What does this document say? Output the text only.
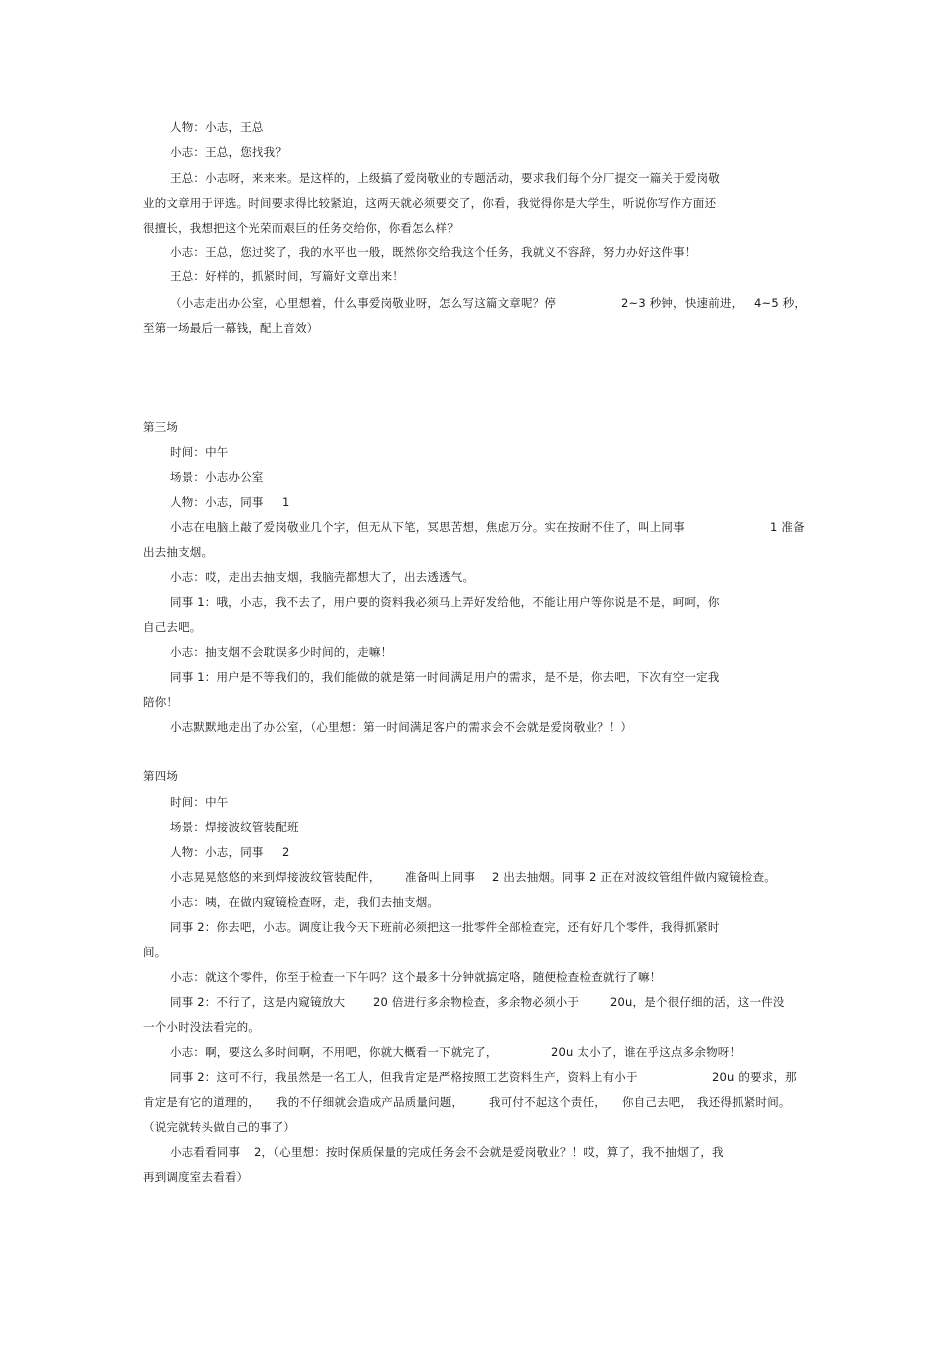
人物：小志，王总
小志：王总，您找我？
王总：小志呀，来来来。是这样的，上级搞了爱岗敬业的专题活动，要求我们每个分厂提交一篇关于爱岗敬
业的文章用于评选。时间要求得比较紧迫，这两天就必须要交了，你看，我觉得你是大学生，听说你写作方面还
很擅长，我想把这个光荣而艰巨的任务交给你，你看怎么样？
小志：王总，您过奖了，我的水平也一般，既然你交给我这个任务，我就义不容辞，努力办好这件事！
王总：好样的，抓紧时间，写篇好文章出来！
（小志走出办公室，心里想着，什么事爱岗敬业呀，怎么写这篇文章呢？停	2~3 秒钟，快速前进， 4~5 秒，
至第一场最后一幕钱，配上音效）
第三场
时间：中午
场景：小志办公室
人物：小志，同事 1
小志在电脑上敲了爱岗敬业几个字，但无从下笔，冥思苦想，焦虑万分。实在按耐不住了，叫上同事	1 准备
出去抽支烟。
小志：哎，走出去抽支烟，我脑壳都想大了，出去透透气。
同事 1：哦，小志，我不去了，用户要的资料我必须马上弄好发给他，不能让用户等你说是不是，呵呵，你
自己去吧。
小志：抽支烟不会耽误多少时间的，走嘛！
同事 1：用户是不等我们的，我们能做的就是第一时间满足用户的需求，是不是，你去吧，下次有空一定我
陪你！
小志默默地走出了办公室，（心里想：第一时间满足客户的需求会不会就是爱岗敬业？！）
第四场
时间：中午
场景：焊接波纹管装配班
人物：小志，同事 2
小志晃晃悠悠的来到焊接波纹管装配件， 准备叫上同事 2 出去抽烟。同事 2 正在对波纹管组件做内窥镜检查。
小志：咦，在做内窥镜检查呀，走，我们去抽支烟。
同事 2：你去吧，小志。调度让我今天下班前必须把这一批零件全部检查完，还有好几个零件，我得抓紧时
间。
小志：就这个零件，你至于检查一下午吗？这个最多十分钟就搞定咯，随便检查检查就行了嘛！
同事 2：不行了，这是内窥镜放大 20 倍进行多余物检查，多余物必须小于	20u，是个很仔细的活，这一件没
一个小时没法看完的。
小志：啊，要这么多时间啊，不用吧，你就大概看一下就完了，	20u 太小了，谁在乎这点多余物呀！
同事 2：这可不行，我虽然是一名工人，但我肯定是严格按照工艺资料生产，资料上有小于	20u 的要求，那
肯定是有它的道理的， 我的不仔细就会造成产品质量问题， 我可付不起这个责任， 你自己去吧， 我还得抓紧时间。
（说完就转头做自己的事了）
小志看看同事 2，（心里想：按时保质保量的完成任务会不会就是爱岗敬业？！哎，算了，我不抽烟了，我
再到调度室去看看）
